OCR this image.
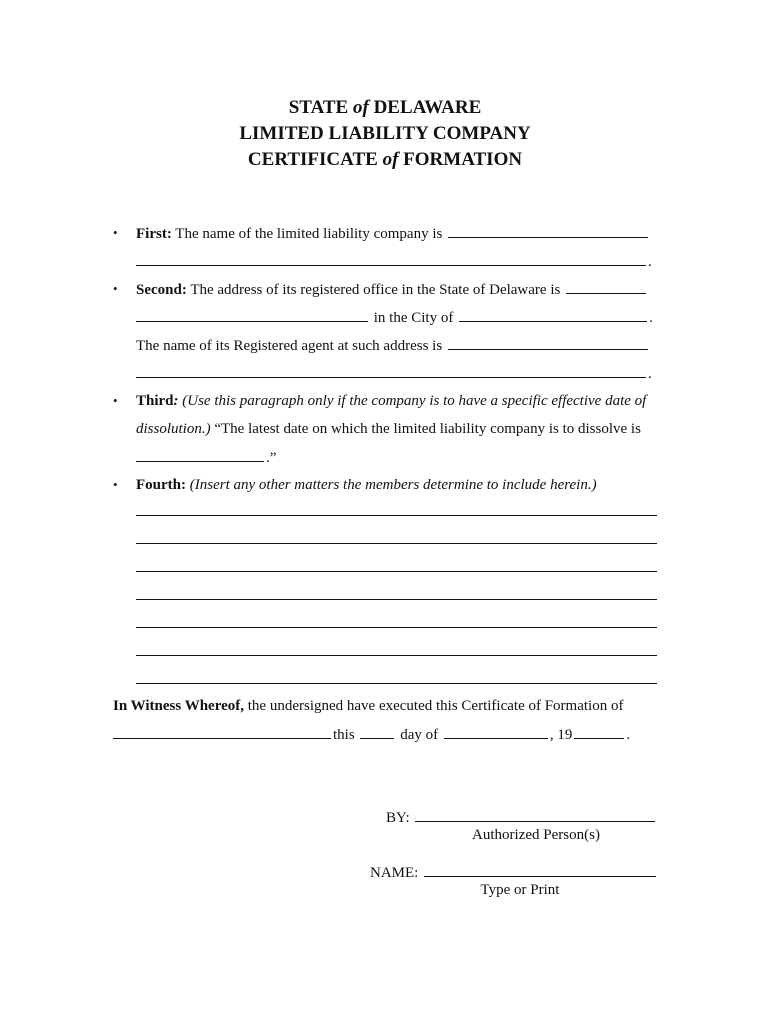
STATE of DELAWARE
LIMITED LIABILITY COMPANY
CERTIFICATE of FORMATION
• First: The name of the limited liability company is
.
• Second: The address of its registered office in the State of Delaware is
in the City of	.
The name of its Registered agent at such address is
.
• Third: (Use this paragraph only if the company is to have a specific effective date of
dissolution.) “The latest date on which the limited liability company is to dissolve is
.”
• Fourth: (Insert any other matters the members determine to include herein.)
In Witness Whereof, the undersigned have executed this Certificate of Formation of
this	day of	, 19	.
BY:
Authorized Person(s)
NAME:
Type or Print
